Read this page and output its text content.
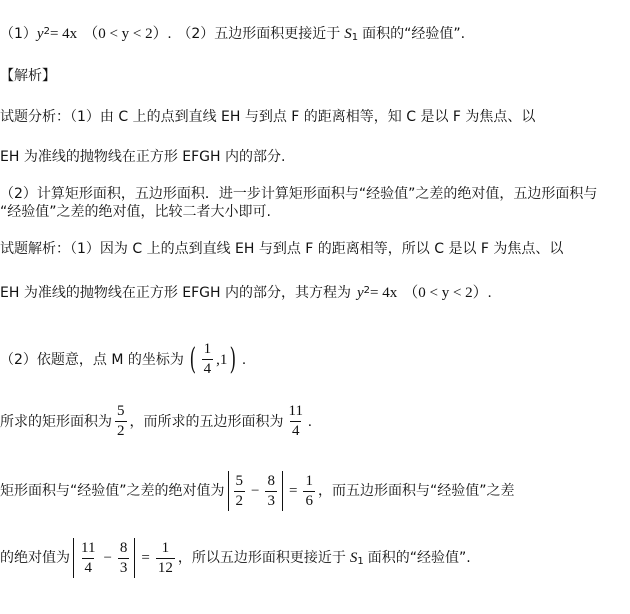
（1） y 2 = 4x （0 < y < 2） . （2）五边形面积更接近于 S 1 面积的“经验值”.
【解析】
试题分析：（1）由 C 上的点到直线 EH 与到点 F 的距离相等，知 C 是以 F 为焦点、以
EH 为准线的抛物线在正方形 EFGH 内的部分.
（2）计算矩形面积，五边形面积．进一步计算矩形面积与“经验值”之差的绝对值，五边形面积与
“经验值”之差的绝对值，比较二者大小即可.
试题解析：（1）因为 C 上的点到直线 EH 与到点 F 的距离相等，所以 C 是以 F 为焦点、以
EH 为准线的抛物线在正方形 EFGH 内的部分，其方程为 y 2 = 4x （0 < y < 2） .
（2）依题意，点 M 的坐标为 ( $\frac{1}{4} ,1$ ) .
所求的矩形面积为 $\frac{5}{2}$ ，而所求的五边形面积为 $\frac{11}{4}$ .
矩形面积与“经验值”之差的绝对值为 $\frac{5}{2} - \frac{8}{3} = \frac{1}{6}$ ，而五边形面积与“经验值”之差
的绝对值为 $\frac{11}{4} - \frac{8}{3} = \frac{1}{12}$ ，所以五边形面积更接近于 S 1 面积的“经验值”.
